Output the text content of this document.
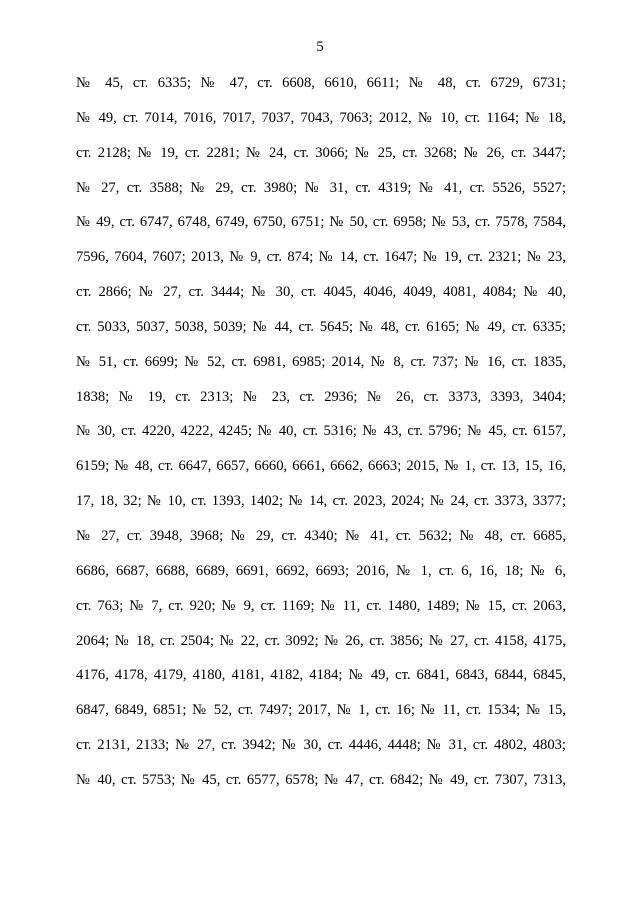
5
№ 45, ст. 6335; № 47, ст. 6608, 6610, 6611; № 48, ст. 6729, 6731;
№ 49, ст. 7014, 7016, 7017, 7037, 7043, 7063; 2012, № 10, ст. 1164; № 18,
ст. 2128; № 19, ст. 2281; № 24, ст. 3066; № 25, ст. 3268; № 26, ст. 3447;
№ 27, ст. 3588; № 29, ст. 3980; № 31, ст. 4319; № 41, ст. 5526, 5527;
№ 49, ст. 6747, 6748, 6749, 6750, 6751; № 50, ст. 6958; № 53, ст. 7578, 7584,
7596, 7604, 7607; 2013, № 9, ст. 874; № 14, ст. 1647; № 19, ст. 2321; № 23,
ст. 2866; № 27, ст. 3444; № 30, ст. 4045, 4046, 4049, 4081, 4084; № 40,
ст. 5033, 5037, 5038, 5039; № 44, ст. 5645; № 48, ст. 6165; № 49, ст. 6335;
№ 51, ст. 6699; № 52, ст. 6981, 6985; 2014, № 8, ст. 737; № 16, ст. 1835,
1838; № 19, ст. 2313; № 23, ст. 2936; № 26, ст. 3373, 3393, 3404;
№ 30, ст. 4220, 4222, 4245; № 40, ст. 5316; № 43, ст. 5796; № 45, ст. 6157,
6159; № 48, ст. 6647, 6657, 6660, 6661, 6662, 6663; 2015, № 1, ст. 13, 15, 16,
17, 18, 32; № 10, ст. 1393, 1402; № 14, ст. 2023, 2024; № 24, ст. 3373, 3377;
№ 27, ст. 3948, 3968; № 29, ст. 4340; № 41, ст. 5632; № 48, ст. 6685,
6686, 6687, 6688, 6689, 6691, 6692, 6693; 2016, № 1, ст. 6, 16, 18; № 6,
ст. 763; № 7, ст. 920; № 9, ст. 1169; № 11, ст. 1480, 1489; № 15, ст. 2063,
2064; № 18, ст. 2504; № 22, ст. 3092; № 26, ст. 3856; № 27, ст. 4158, 4175,
4176, 4178, 4179, 4180, 4181, 4182, 4184; № 49, ст. 6841, 6843, 6844, 6845,
6847, 6849, 6851; № 52, ст. 7497; 2017, № 1, ст. 16; № 11, ст. 1534; № 15,
ст. 2131, 2133; № 27, ст. 3942; № 30, ст. 4446, 4448; № 31, ст. 4802, 4803;
№ 40, ст. 5753; № 45, ст. 6577, 6578; № 47, ст. 6842; № 49, ст. 7307, 7313,
